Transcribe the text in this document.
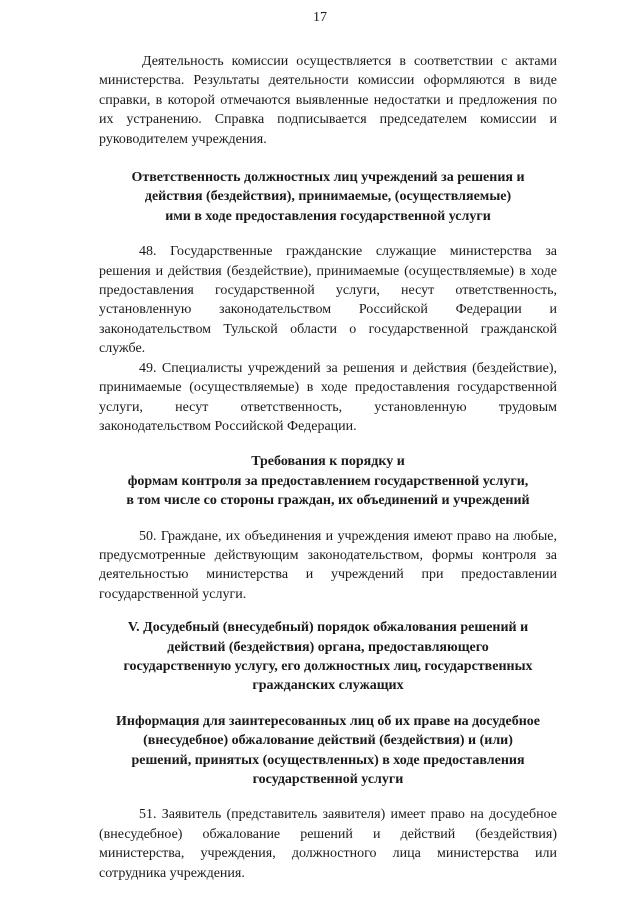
17

Деятельность комиссии осуществляется в соответствии с актами министерства. Результаты деятельности комиссии оформляются в виде справки, в которой отмечаются выявленные недостатки и предложения по их устранению. Справка подписывается председателем комиссии и руководителем учреждения.

Ответственность должностных лиц учреждений за решения и
действия (бездействия), принимаемые, (осуществляемые)
ими в ходе предоставления государственной услуги

48. Государственные гражданские служащие министерства за решения и действия (бездействие), принимаемые (осуществляемые) в ходе предоставления государственной услуги, несут ответственность, установленную законодательством Российской Федерации и законодательством Тульской области о государственной гражданской службе.

49. Специалисты учреждений за решения и действия (бездействие), принимаемые (осуществляемые) в ходе предоставления государственной услуги, несут ответственность, установленную трудовым законодательством Российской Федерации.

Требования к порядку и
формам контроля за предоставлением государственной услуги,
в том числе со стороны граждан, их объединений и учреждений

50. Граждане, их объединения и учреждения имеют право на любые, предусмотренные действующим законодательством, формы контроля за деятельностью министерства и учреждений при предоставлении государственной услуги.

V. Досудебный (внесудебный) порядок обжалования решений и
действий (бездействия) органа, предоставляющего
государственную услугу, его должностных лиц, государственных
гражданских служащих
Информация для заинтересованных лиц об их праве на досудебное
(внесудебное) обжалование действий (бездействия) и (или)
решений, принятых (осуществленных) в ходе предоставления
государственной услуги

51. Заявитель (представитель заявителя) имеет право на досудебное (внесудебное) обжалование решений и действий (бездействия) министерства, учреждения, должностного лица министерства или сотрудника учреждения.
